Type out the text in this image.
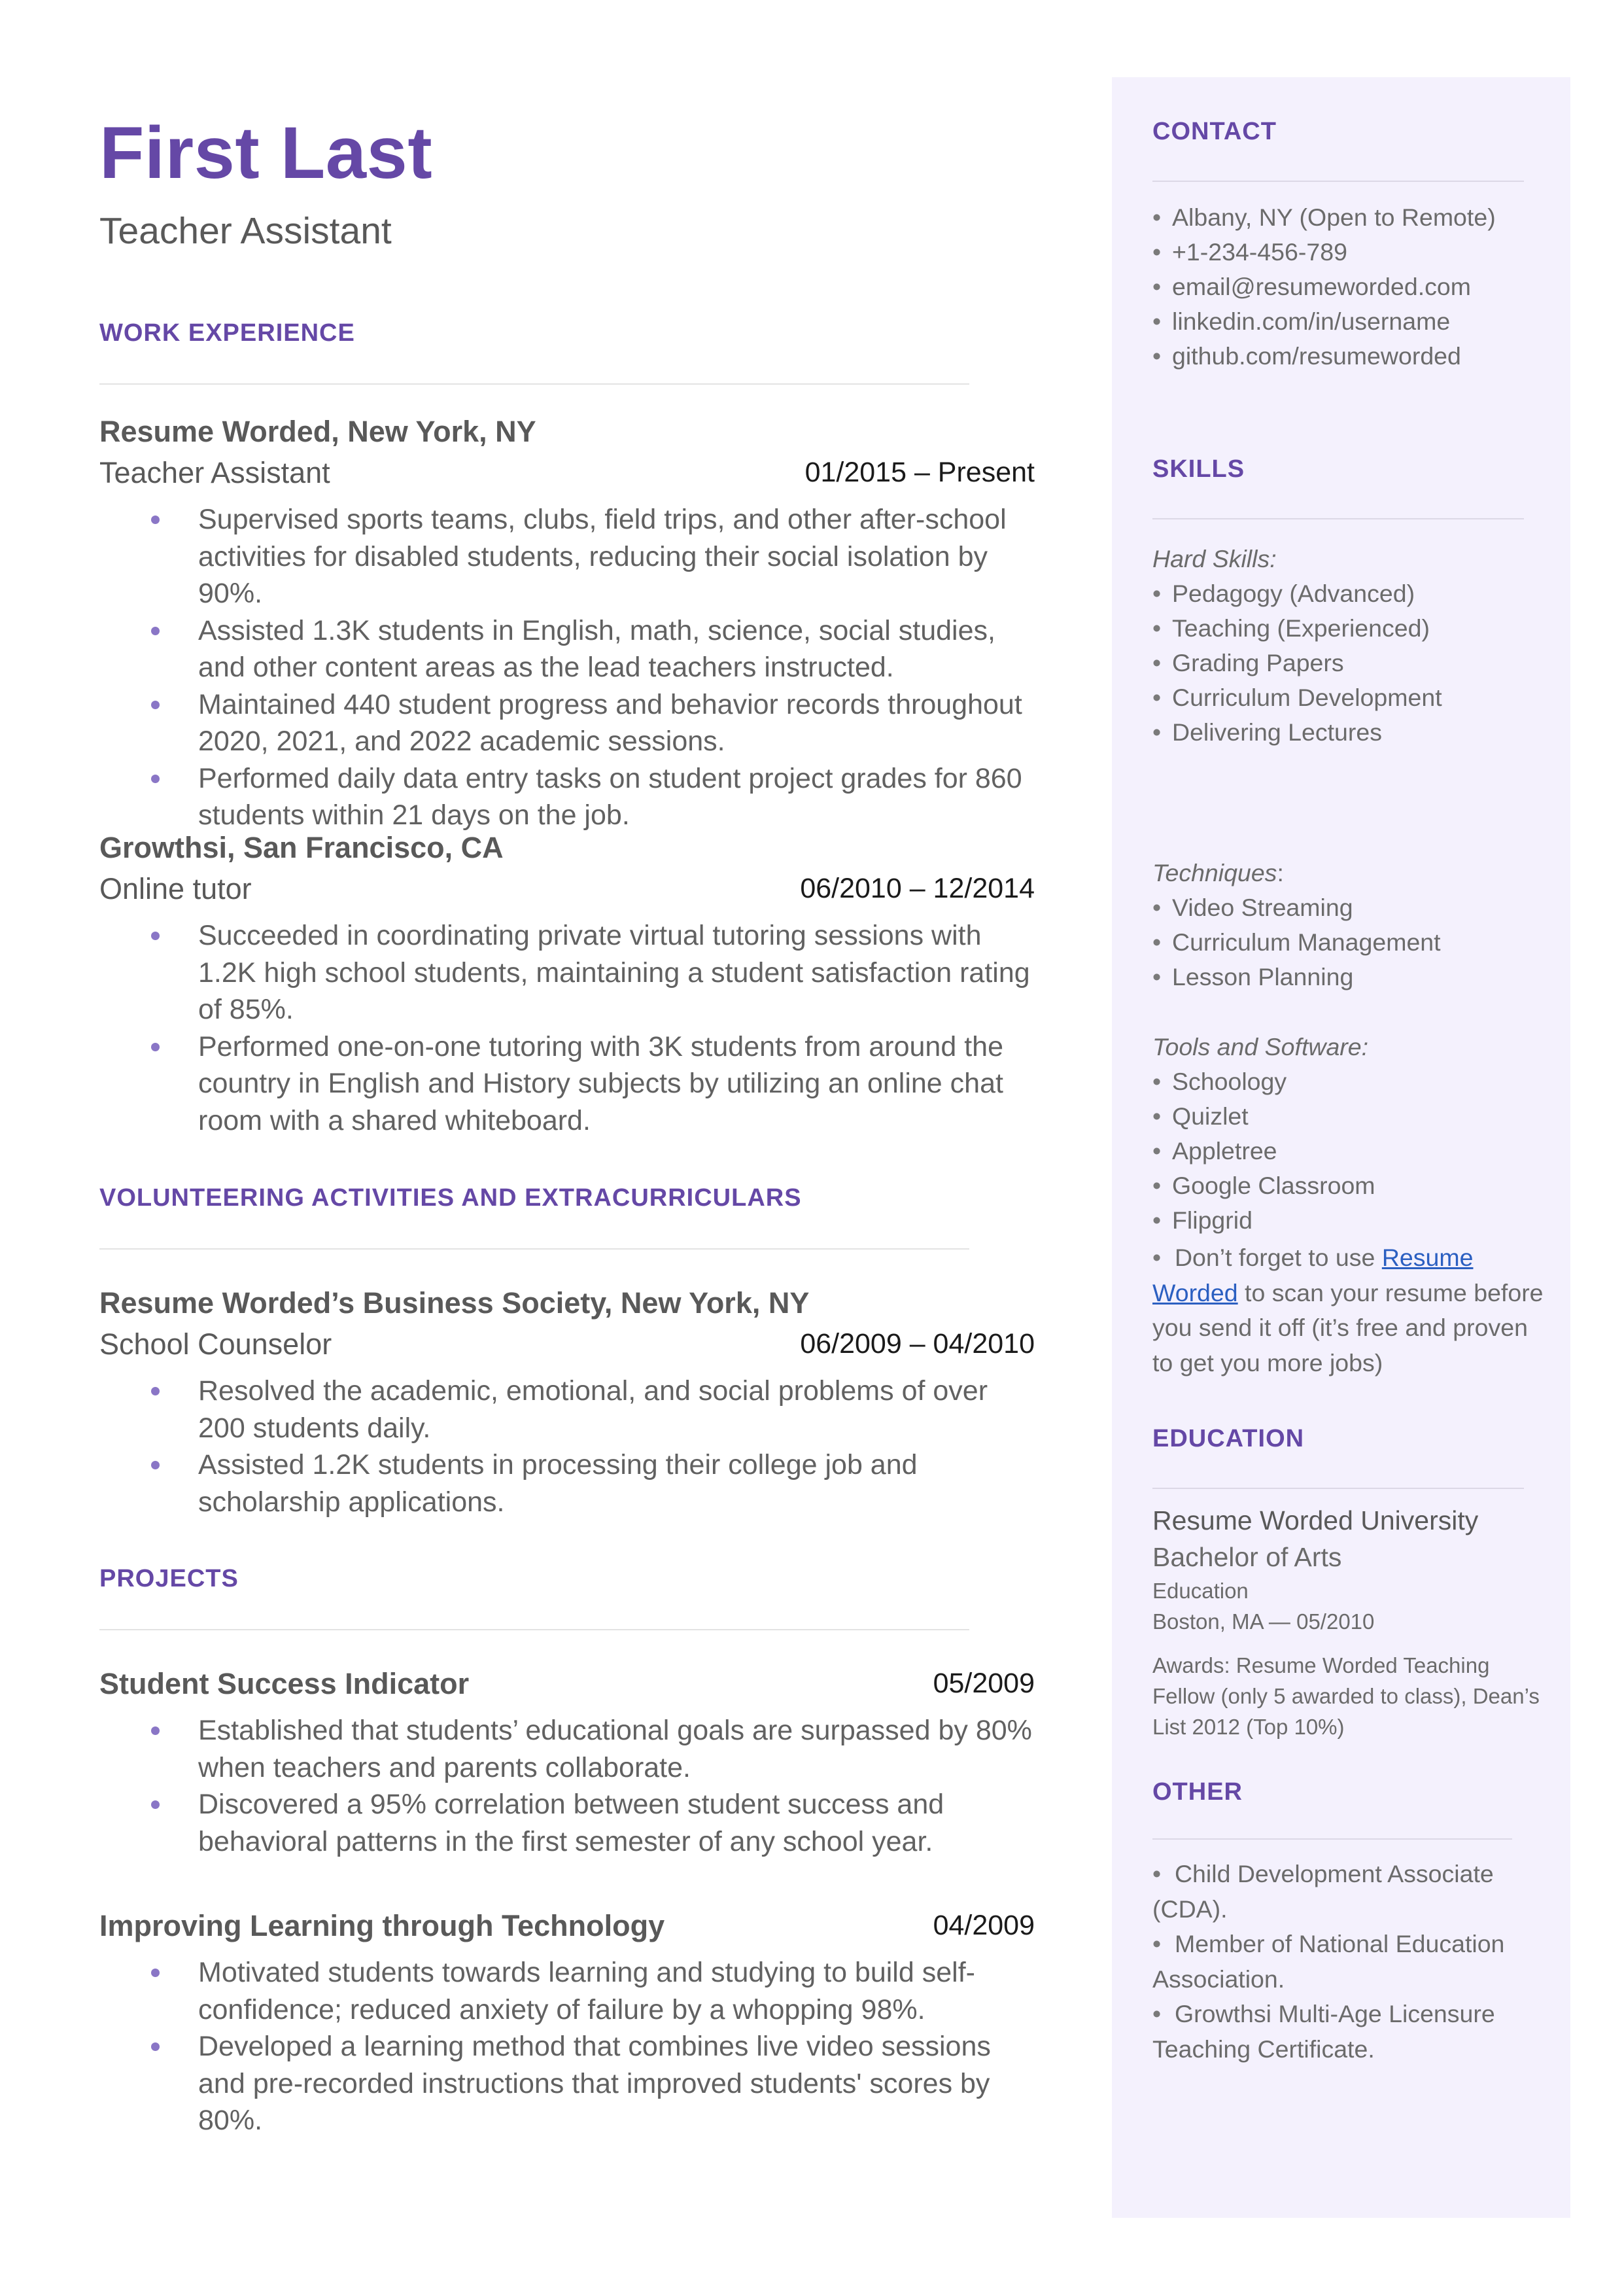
First Last
Teacher Assistant
WORK EXPERIENCE
Resume Worded, New York, NY
Teacher Assistant	01/2015 – Present
Supervised sports teams, clubs, field trips, and other after-school activities for disabled students, reducing their social isolation by 90%.
Assisted 1.3K students in English, math, science, social studies, and other content areas as the lead teachers instructed.
Maintained 440 student progress and behavior records throughout 2020, 2021, and 2022 academic sessions.
Performed daily data entry tasks on student project grades for 860 students within 21 days on the job.
Growthsi, San Francisco, CA
Online tutor	06/2010 – 12/2014
Succeeded in coordinating private virtual tutoring sessions with 1.2K high school students, maintaining a student satisfaction rating of 85%.
Performed one-on-one tutoring with 3K students from around the country in English and History subjects by utilizing an online chat room with a shared whiteboard.
VOLUNTEERING ACTIVITIES AND EXTRACURRICULARS
Resume Worded’s Business Society, New York, NY
School Counselor	06/2009 – 04/2010
Resolved the academic, emotional, and social problems of over 200 students daily.
Assisted 1.2K students in processing their college job and scholarship applications.
PROJECTS
Student Success Indicator	05/2009
Established that students’ educational goals are surpassed by 80% when teachers and parents collaborate.
Discovered a 95% correlation between student success and behavioral patterns in the first semester of any school year.
Improving Learning through Technology	04/2009
Motivated students towards learning and studying to build self-confidence; reduced anxiety of failure by a whopping 98%.
Developed a learning method that combines live video sessions and pre-recorded instructions that improved students' scores by 80%.
CONTACT
• Albany, NY (Open to Remote)
• +1-234-456-789
• email@resumeworded.com
• linkedin.com/in/username
• github.com/resumeworded
SKILLS
Hard Skills:
• Pedagogy (Advanced)
• Teaching (Experienced)
• Grading Papers
• Curriculum Development
• Delivering Lectures
Techniques:
• Video Streaming
• Curriculum Management
• Lesson Planning
Tools and Software:
• Schoology
• Quizlet
• Appletree
• Google Classroom
• Flipgrid
•  Don’t forget to use Resume Worded to scan your resume before you send it off (it’s free and proven to get you more jobs)
EDUCATION
Resume Worded University
Bachelor of Arts
Education
Boston, MA — 05/2010
Awards: Resume Worded Teaching Fellow (only 5 awarded to class), Dean’s List 2012 (Top 10%)
OTHER
•  Child Development Associate (CDA).
•  Member of National Education Association.
•  Growthsi Multi-Age Licensure Teaching Certificate.
